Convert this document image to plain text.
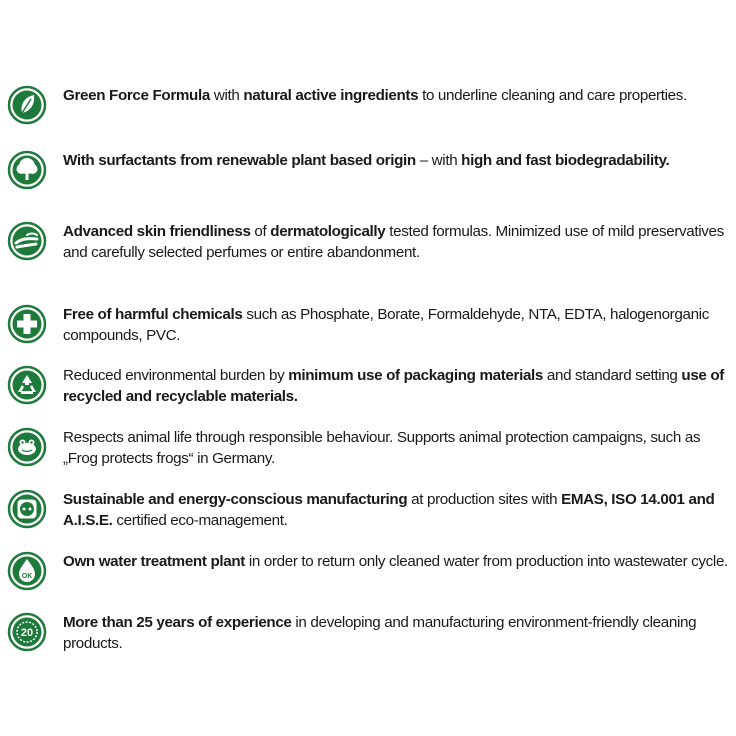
Green Force Formula with natural active ingredients to underline cleaning and care properties.
With surfactants from renewable plant based origin – with high and fast biodegradability.
Advanced skin friendliness of dermatologically tested formulas. Minimized use of mild preservatives and carefully selected perfumes or entire abandonment.
Free of harmful chemicals such as Phosphate, Borate, Formaldehyde, NTA, EDTA, halogenorganic compounds, PVC.
Reduced environmental burden by minimum use of packaging materials and standard setting use of recycled and recyclable materials.
Respects animal life through responsible behaviour. Supports animal protection campaigns, such as „Frog protects frogs“ in Germany.
Sustainable and energy-conscious manufacturing at production sites with EMAS, ISO 14.001 and A.I.S.E. certified eco-management.
OK
Own water treatment plant in order to return only cleaned water from production into wastewater cycle.
20
More than 25 years of experience in developing and manufacturing environment-friendly cleaning products.
